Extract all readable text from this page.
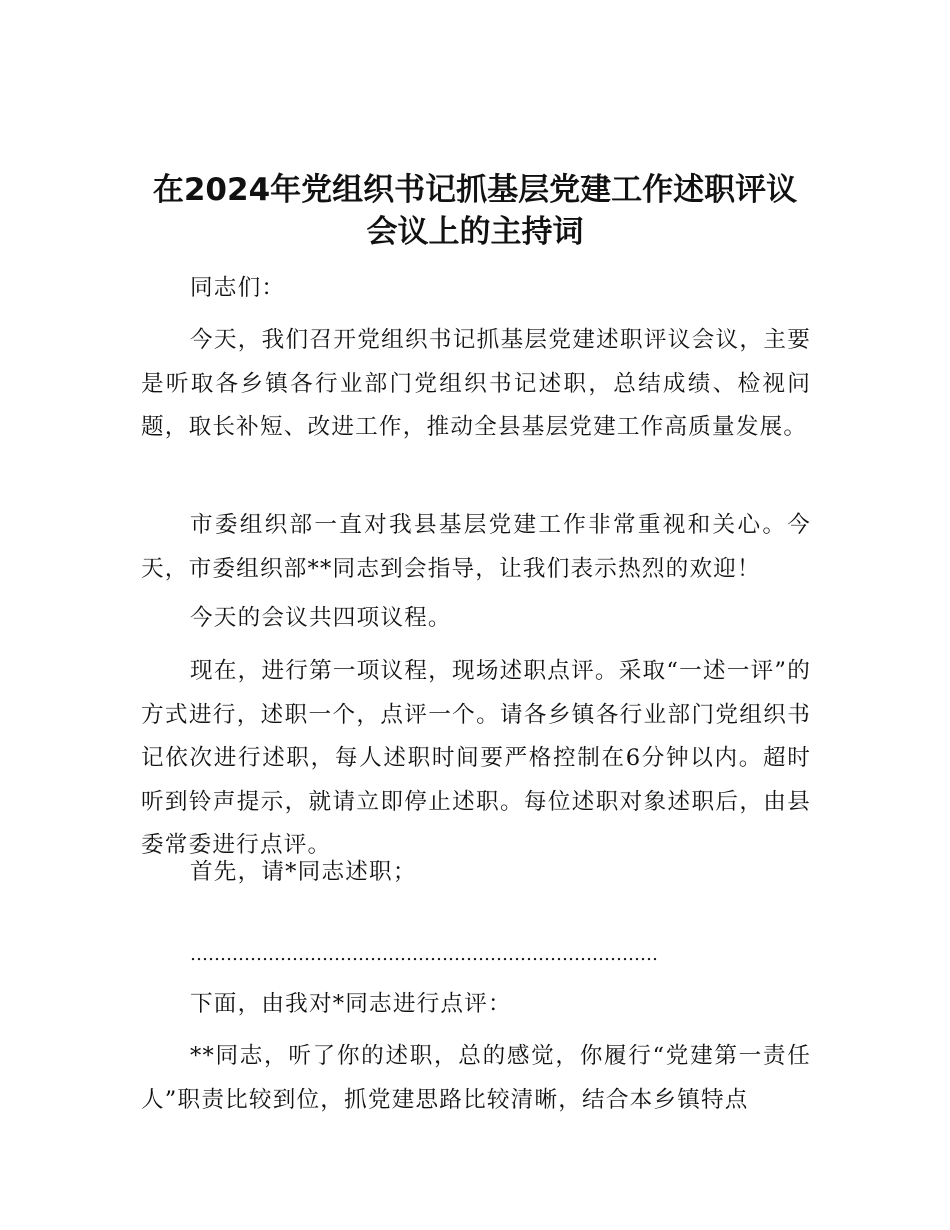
在2024年党组织书记抓基层党建工作述职评议
会议上的主持词

同志们：

今天，我们召开党组织书记抓基层党建述职评议会议，主要是听取各乡镇各行业部门党组织书记述职，总结成绩、检视问题，取长补短、改进工作，推动全县基层党建工作高质量发展。

市委组织部一直对我县基层党建工作非常重视和关心。今天，市委组织部**同志到会指导，让我们表示热烈的欢迎！

今天的会议共四项议程。

现在，进行第一项议程，现场述职点评。采取“一述一评”的方式进行，述职一个，点评一个。请各乡镇各行业部门党组织书记依次进行述职，每人述职时间要严格控制在6分钟以内。超时听到铃声提示，就请立即停止述职。每位述职对象述职后，由县委常委进行点评。

首先，请*同志述职；

……………………………………………………………………

下面，由我对*同志进行点评：

**同志，听了你的述职，总的感觉，你履行“党建第一责任人”职责比较到位，抓党建思路比较清晰，结合本乡镇特点
